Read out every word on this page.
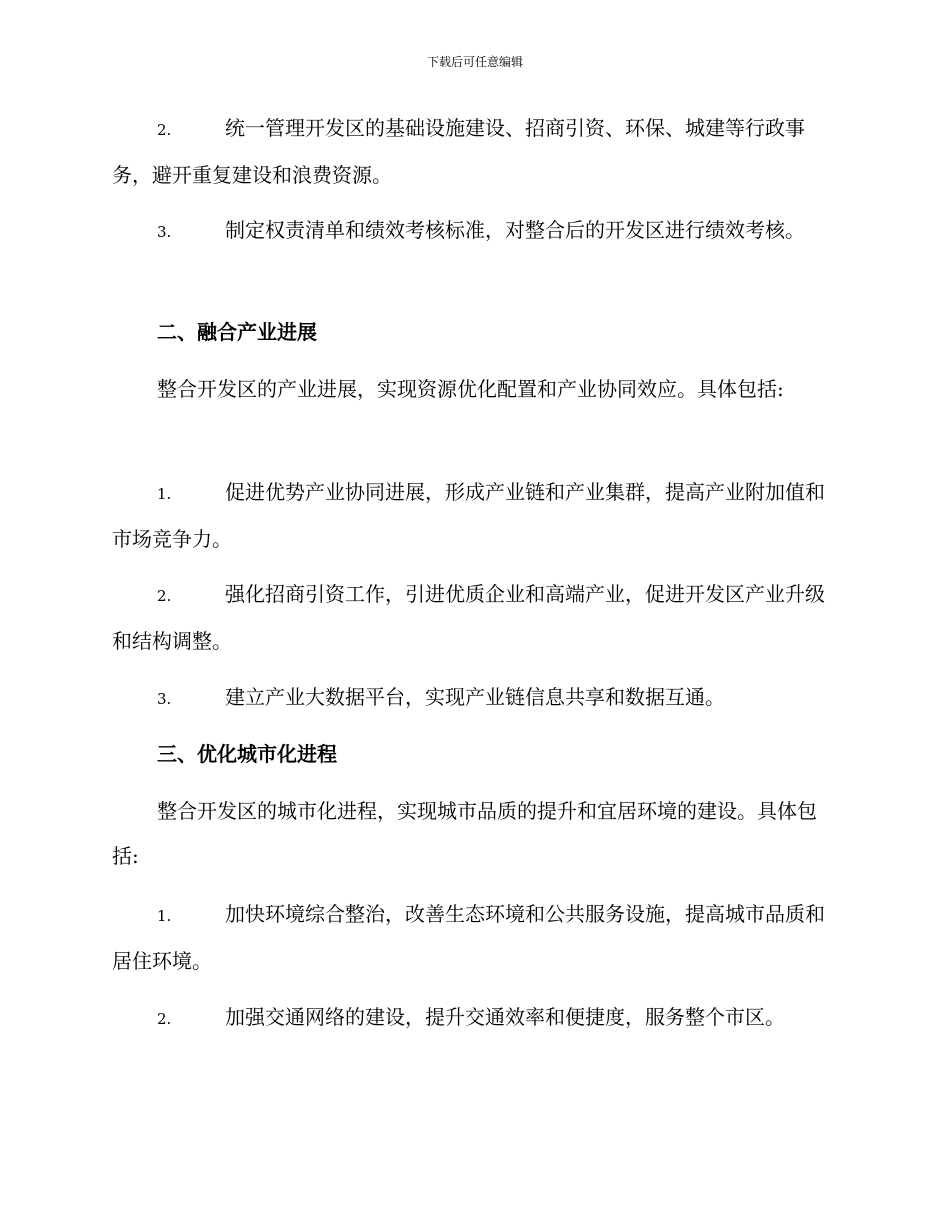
下载后可任意编辑
2.	统一管理开发区的基础设施建设、招商引资、环保、城建等行政事务，避开重复建设和浪费资源。
3.	制定权责清单和绩效考核标准，对整合后的开发区进行绩效考核。
二、融合产业进展
整合开发区的产业进展，实现资源优化配置和产业协同效应。具体包括:
1.	促进优势产业协同进展，形成产业链和产业集群，提高产业附加值和市场竞争力。
2.	强化招商引资工作，引进优质企业和高端产业，促进开发区产业升级和结构调整。
3.	建立产业大数据平台，实现产业链信息共享和数据互通。
三、优化城市化进程
整合开发区的城市化进程，实现城市品质的提升和宜居环境的建设。具体包括:
1.	加快环境综合整治，改善生态环境和公共服务设施，提高城市品质和居住环境。
2.	加强交通网络的建设，提升交通效率和便捷度，服务整个市区。
